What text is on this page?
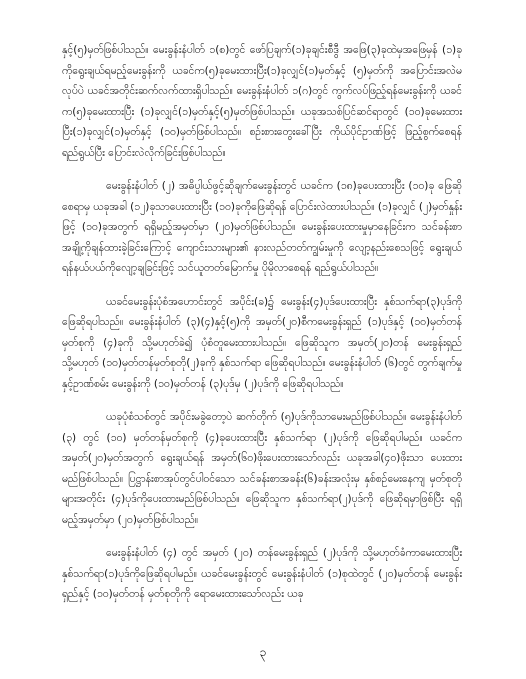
နှင့်(၅)မှတ်ဖြစ်ပါသည်။ မေးခွန်းနံပါတ် ၁(စ)တွင် ဖော်ပြချက်(၁)ခုချင်းစီဒွီ အဖြေ(၃)ခုထဲမှအဖြေမှန် (၁)ခုကိုရွေးချယ်ရမည့်မေးခွန်းကို ယခင်က(၅)ခုမေးထားပြီး(၁)ခုလျှင်(၁)မှတ်နှင့် (၅)မှတ်ကို အပြောင်းအလဲမလုပ်ပဲ ယခင်အတိုင်းဆက်လက်ထားရှိပါသည်။ မေးခွန်းနံပါတ် ၁(ဂ)တွင် ကွက်လပ်ဖြည့်ရန်မေးခွန်းကို ယခင်က(၅)ခုမေးထားပြီး (၁)ခုလျှင်(၁)မှတ်နှင့်(၅)မှတ်ဖြစ်ပါသည်။ ယခုအသစ်ပြင်ဆင်ရာတွင် (၁၀)ခုမေးထားပြီး(၁)ခုလျှင်(၁)မှတ်နှင့် (၁၀)မှတ်ဖြစ်ပါသည်။ စဉ်းစားတွေးခေါ်ပြီး ကိုယ်ပိုင်ဥာဏ်ဖြင့် ဖြည့်စွက်စေရန်ရည်ရွယ်ပြီး ပြောင်းလဲလိုက်ခြင်းဖြစ်ပါသည်။

မေးခွန်းနံပါတ် (၂) အဓိပ္ပါယ်ဖွင့်ဆိုချက်မေးခွန်းတွင် ယခင်က (၁၈)ခုပေးထားပြီး (၁၀)ခု ဖြေဆိုစေရာမှ ယခုအခါ (၁၂)ခုသာပေးထားပြီး (၁၀)ခုကိုဖြေဆိုရန် ပြောင်းလဲထားပါသည်။ (၁)ခုလျှင် (၂)မှတ်နှုန်းဖြင့် (၁၀)ခုအတွက် ရရှိမည့်အမှတ်မှာ (၂၀)မှတ်ဖြစ်ပါသည်။ မေးခွန်းပေးထားမှုမှာနေခြင်းက သင်ခန်းစာအချို့ကိုချန်ထားခဲ့ခြင်းကြောင့် ကျောင်းသားများ၏ နားလည်တတ်ကျွမ်းမှုကို လျော့နည်းစေသဖြင့် ရွေးချယ်ရန်နယ်ပယ်ကိုလျော့ချခြင်းဖြင့် သင်ယူတတ်မြောက်မှု ပိုမိုလာစေရန် ရည်ရွယ်ပါသည်။

ယခင်မေးခွန်းပုံစံအဟောင်းတွင် အပိုင်း(ခ)၌ မေးခွန်း(၄)ပုဒ်ပေးထားပြီး နှစ်သက်ရာ(၃)ပုဒ်ကိုဖြေဆိုရပါသည်။ မေးခွန်းနံပါတ် (၃)(၄)နှင့်(၅)ကို အမှတ်(၂၀)စီကမေးခွန်းရှည် (၁)ပုဒ်နှင့် (၁၀)မှတ်တန်မှတ်စုကို (၄)ခုကို သို့မဟုတ်ခဲ၍ ပုံစံတူမေးထားပါသည်။ ဖြေဆိုသူက အမှတ်(၂၀)တန် မေးခွန်းရှည် သို့မဟုတ် (၁၀)မှတ်တန်မှတ်စုတို(၂)ခုကို နှစ်သက်ရာ ဖြေဆိုရပါသည်။ မေးခွန်းနံပါတ် (၆)တွင် တွက်ချက်မှုနှင့်ဥာဏ်စမ်း မေးခွန်းကို (၁၀)မှတ်တန် (၃)ပုဒ်မှ (၂)ပုဒ်ကို ဖြေဆိုရပါသည်။

ယခုပုံစံသစ်တွင် အပိုင်းမခွဲတော့ပဲ ဆက်တိုက် (၅)ပုဒ်ကိုသာမေးမည်ဖြစ်ပါသည်။ မေးခွန်းနံပါတ် (၃) တွင် (၁၀) မှတ်တန်မှတ်စုကို (၄)ခုပေးထားပြီး နှစ်သက်ရာ (၂)ပုဒ်ကို ဖြေဆိုရပါမည်။ ယခင်က အမှတ်(၂၀)မှတ်အတွက် ရွေးချယ်ရန် အမှတ်(၆၀)ဖိုးပေးထားသော်လည်း ယခုအခါ(၄၀)ဖိုးသာ ပေးထားမည်ဖြစ်ပါသည်။ ပြဋ္ဌာန်းစာအုပ်တွင်ပါဝင်သော သင်ခန်းစာအခန်း(၆)ခန်းအလုံးမှ နှစ်စဉ်မေးနေကျ မှတ်စုတိုများအတိုင်း (၄)ပုဒ်ကိုပေးထားမည်ဖြစ်ပါသည်။ ဖြေဆိုသူက နှစ်သက်ရာ(၂)ပုဒ်ကို ဖြေဆိုရမှာဖြစ်ပြီး ရရှိမည့်အမှတ်မှာ (၂၀)မှတ်ဖြစ်ပါသည်။

မေးခွန်းနံပါတ် (၄) တွင် အမှတ် (၂၀) တန်မေးခွန်းရှည် (၂)ပုဒ်ကို သို့မဟုတ်ခံကာမေးထားပြီး နှစ်သက်ရာ(၁)ပုဒ်ကိုဖြေဆိုရပါမည်။ ယခင်မေးခွန်းတွင် မေးခွန်းနံပါတ် (၁)စုထဲတွင် (၂၀)မှတ်တန် မေးခွန်းရှည်နှင့် (၁၀)မှတ်တန် မှတ်စုတိုကို ရောမေးထားသော်လည်း ယခု

၃
